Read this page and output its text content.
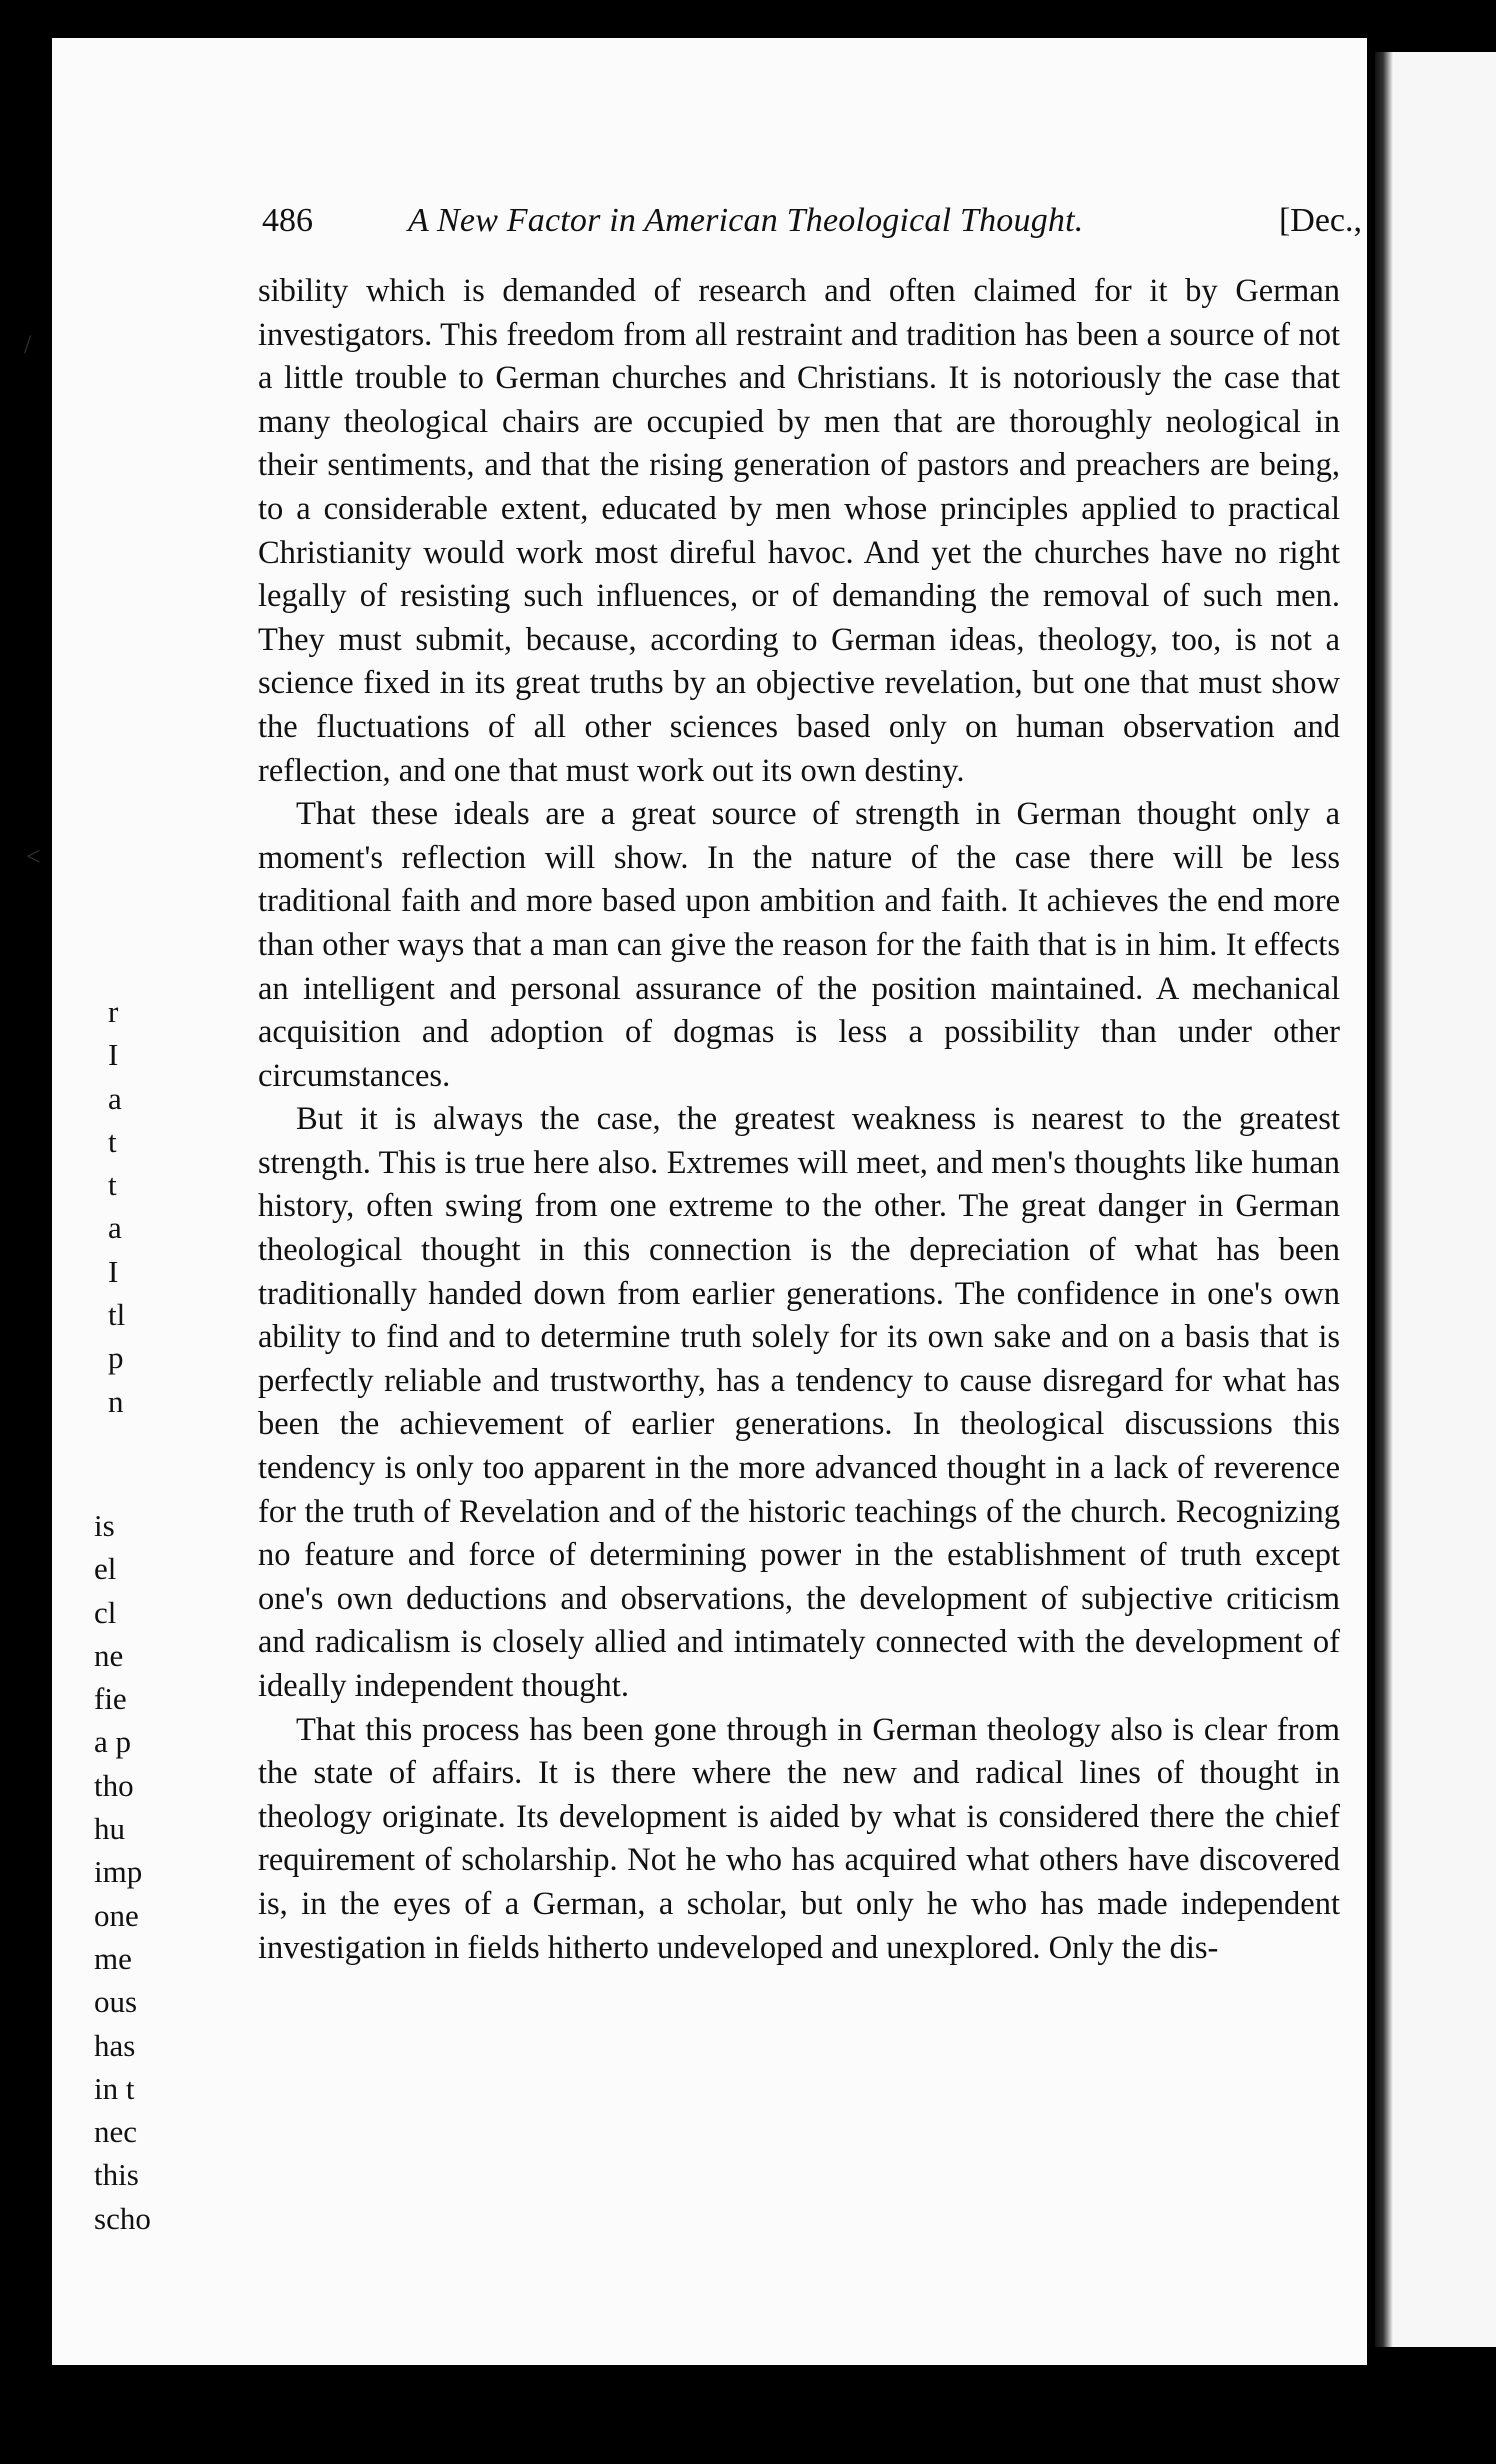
486	A New Factor in American Theological Thought.	[Dec.,

sibility which is demanded of research and often claimed for it by German investigators. This freedom from all restraint and tradition has been a source of not a little trouble to German churches and Christians. It is notoriously the case that many theological chairs are occupied by men that are thoroughly neological in their sentiments, and that the rising generation of pastors and preachers are being, to a considerable extent, educated by men whose principles applied to practical Christianity would work most direful havoc. And yet the churches have no right legally of resisting such influences, or of demanding the removal of such men. They must submit, because, according to German ideas, theology, too, is not a science fixed in its great truths by an objective revelation, but one that must show the fluctuations of all other sciences based only on human observation and reflection, and one that must work out its own destiny.

That these ideals are a great source of strength in German thought only a moment's reflection will show. In the nature of the case there will be less traditional faith and more based upon ambition and faith. It achieves the end more than other ways that a man can give the reason for the faith that is in him. It effects an intelligent and personal assurance of the position maintained. A mechanical acquisition and adoption of dogmas is less a possibility than under other circumstances.

But it is always the case, the greatest weakness is nearest to the greatest strength. This is true here also. Extremes will meet, and men's thoughts like human history, often swing from one extreme to the other. The great danger in German theological thought in this connection is the depreciation of what has been traditionally handed down from earlier generations. The confidence in one's own ability to find and to determine truth solely for its own sake and on a basis that is perfectly reliable and trustworthy, has a tendency to cause disregard for what has been the achievement of earlier generations. In theological discussions this tendency is only too apparent in the more advanced thought in a lack of reverence for the truth of Revelation and of the historic teachings of the church. Recognizing no feature and force of determining power in the establishment of truth except one's own deductions and observations, the development of subjective criticism and radicalism is closely allied and intimately connected with the development of ideally independent thought.

That this process has been gone through in German theology also is clear from the state of affairs. It is there where the new and radical lines of thought in theology originate. Its development is aided by what is considered there the chief requirement of scholarship. Not he who has acquired what others have discovered is, in the eyes of a German, a scholar, but only he who has made independent investigation in fields hitherto undeveloped and unexplored. Only the dis-

r
I
a
t
t
a
I
tl
p
n
is
el
cl
ne
fie
a p
tho
hu
imp
one
me
ous
has
in t
nec
this
scho
/
<
